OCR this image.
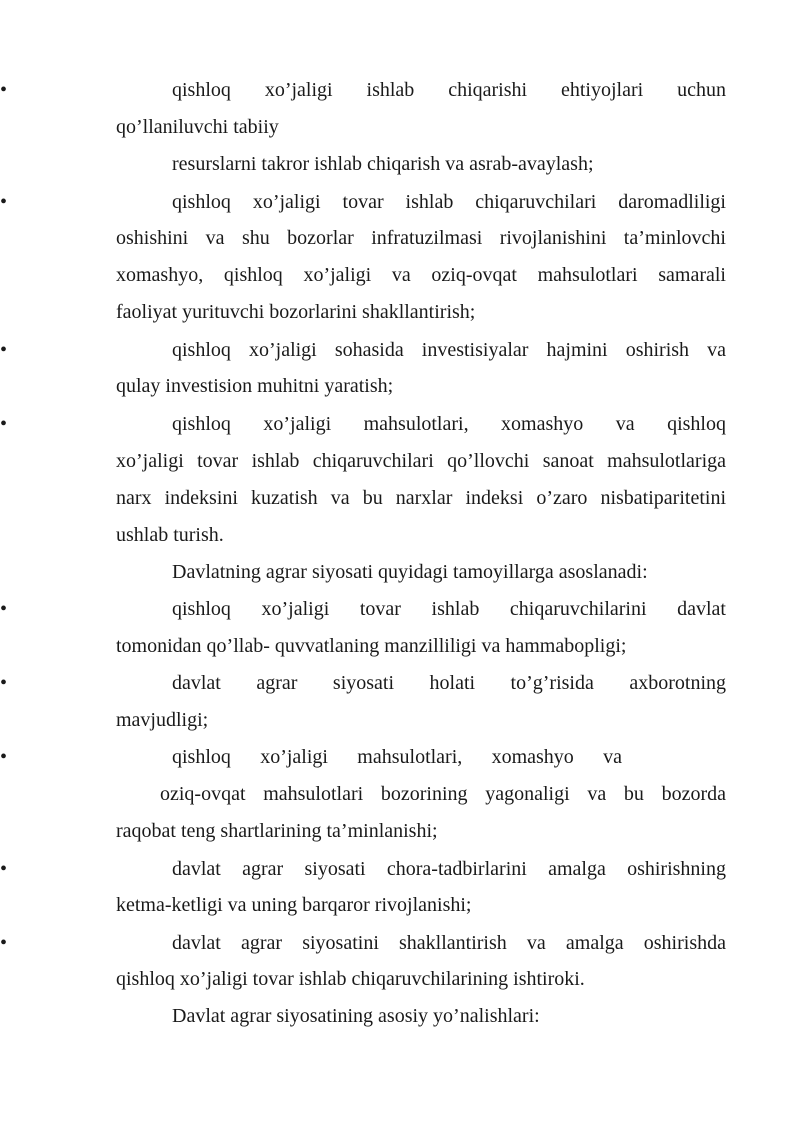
•	qishloq xo’jaligi ishlab chiqarishi ehtiyojlari uchun
qo’llaniluvchi tabiiy
resurslarni takror ishlab chiqarish va asrab-avaylash;
•	qishloq xo’jaligi tovar ishlab chiqaruvchilari daromadliligi
oshishini va shu bozorlar infratuzilmasi rivojlanishini ta’minlovchi
xomashyo, qishloq xo’jaligi va oziq-ovqat mahsulotlari samarali
faoliyat yurituvchi bozorlarini shakllantirish;
•	qishloq xo’jaligi sohasida investisiyalar hajmini oshirish va
qulay investision muhitni yaratish;
•	qishloq xo’jaligi mahsulotlari, xomashyo va qishloq
xo’jaligi tovar ishlab chiqaruvchilari qo’llovchi sanoat mahsulotlariga
narx indeksini kuzatish va bu narxlar indeksi o’zaro nisbatiparitetini
ushlab turish.
Davlatning agrar siyosati quyidagi tamoyillarga asoslanadi:
•	qishloq xo’jaligi tovar ishlab chiqaruvchilarini davlat
tomonidan qo’llab- quvvatlaning manzilliligi va hammabopligi;
•	davlat agrar siyosati holati to’g’risida axborotning
mavjudligi;
•	qishloq xo’jaligi mahsulotlari, xomashyo va
oziq-ovqat mahsulotlari bozorining yagonaligi va bu bozorda
raqobat teng shartlarining ta’minlanishi;
•	davlat agrar siyosati chora-tadbirlarini amalga oshirishning
ketma-ketligi va uning barqaror rivojlanishi;
•	davlat agrar siyosatini shakllantirish va amalga oshirishda
qishloq xo’jaligi tovar ishlab chiqaruvchilarining ishtiroki.
Davlat agrar siyosatining asosiy yo’nalishlari:
